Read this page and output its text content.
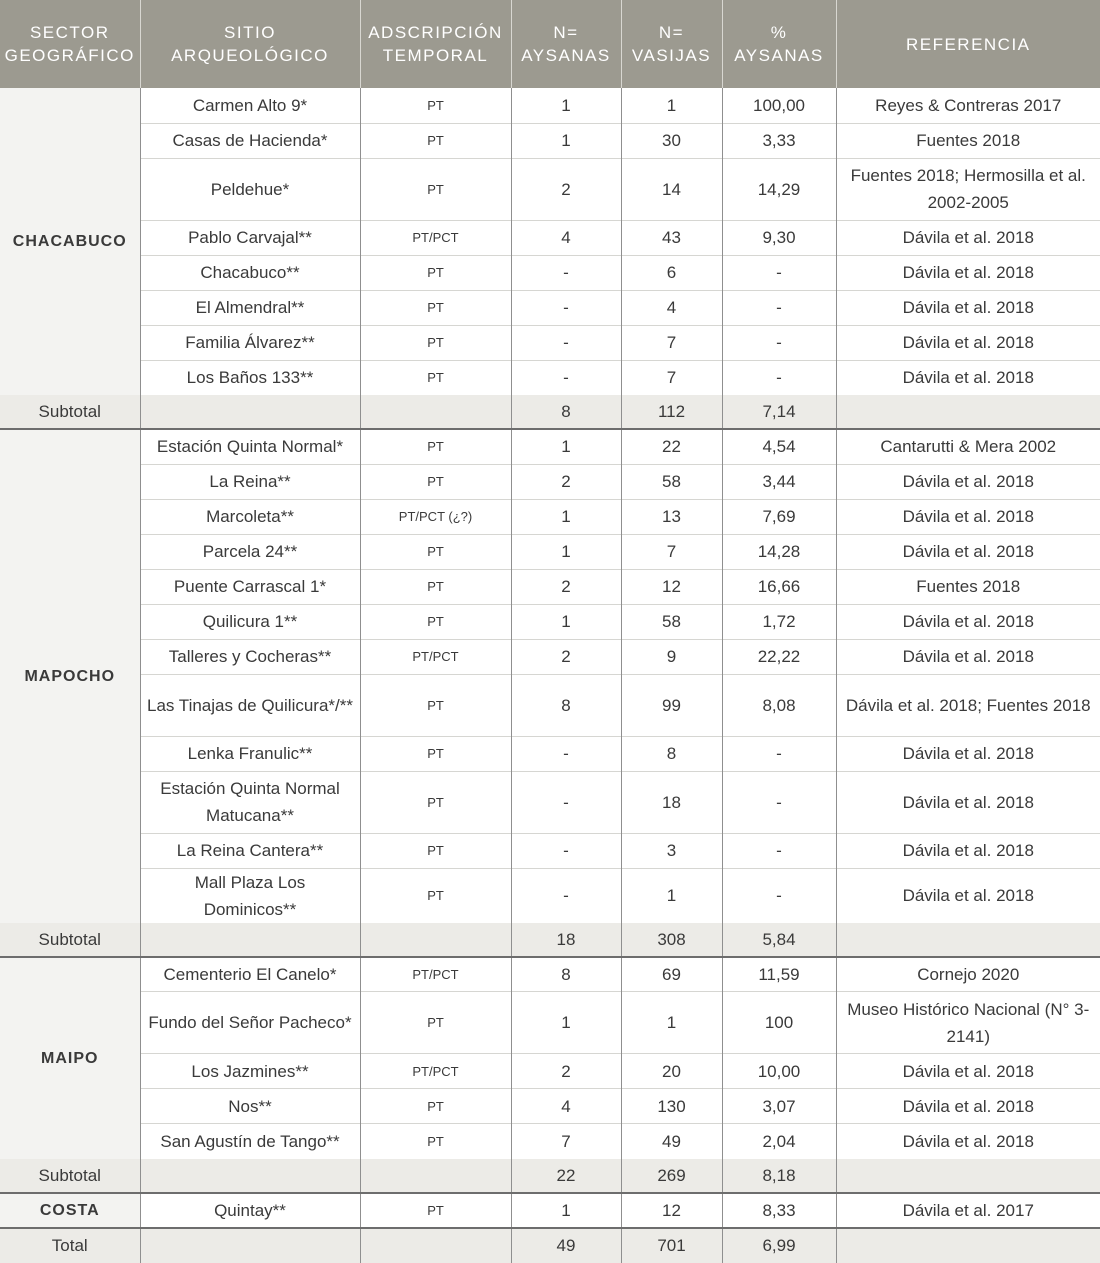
SECTOR GEOGRÁFICO	SITIO ARQUEOLÓGICO	ADSCRIPCIÓN TEMPORAL	N= AYSANAS	N= VASIJAS	% AYSANAS	REFERENCIA
CHACABUCO	Carmen Alto 9*	PT	1	1	100,00	Reyes & Contreras 2017
	Casas de Hacienda*	PT	1	30	3,33	Fuentes 2018
	Peldehue*	PT	2	14	14,29	Fuentes 2018; Hermosilla et al. 2002-2005
	Pablo Carvajal**	PT/PCT	4	43	9,30	Dávila et al. 2018
	Chacabuco**	PT	-	6	-	Dávila et al. 2018
	El Almendral**	PT	-	4	-	Dávila et al. 2018
	Familia Álvarez**	PT	-	7	-	Dávila et al. 2018
	Los Baños 133**	PT	-	7	-	Dávila et al. 2018
Subtotal			8	112	7,14	
MAPOCHO	Estación Quinta Normal*	PT	1	22	4,54	Cantarutti & Mera 2002
	La Reina**	PT	2	58	3,44	Dávila et al. 2018
	Marcoleta**	PT/PCT (¿?)	1	13	7,69	Dávila et al. 2018
	Parcela 24**	PT	1	7	14,28	Dávila et al. 2018
	Puente Carrascal 1*	PT	2	12	16,66	Fuentes 2018
	Quilicura 1**	PT	1	58	1,72	Dávila et al. 2018
	Talleres y Cocheras**	PT/PCT	2	9	22,22	Dávila et al. 2018
	Las Tinajas de Quilicura*/**	PT	8	99	8,08	Dávila et al. 2018; Fuentes 2018
	Lenka Franulic**	PT	-	8	-	Dávila et al. 2018
	Estación Quinta Normal Matucana**	PT	-	18	-	Dávila et al. 2018
	La Reina Cantera**	PT	-	3	-	Dávila et al. 2018
	Mall Plaza Los Dominicos**	PT	-	1	-	Dávila et al. 2018
Subtotal			18	308	5,84	
MAIPO	Cementerio El Canelo*	PT/PCT	8	69	11,59	Cornejo 2020
	Fundo del Señor Pacheco*	PT	1	1	100	Museo Histórico Nacional (N° 3-2141)
	Los Jazmines**	PT/PCT	2	20	10,00	Dávila et al. 2018
	Nos**	PT	4	130	3,07	Dávila et al. 2018
	San Agustín de Tango**	PT	7	49	2,04	Dávila et al. 2018
Subtotal			22	269	8,18	
COSTA	Quintay**	PT	1	12	8,33	Dávila et al. 2017
Total			49	701	6,99	
